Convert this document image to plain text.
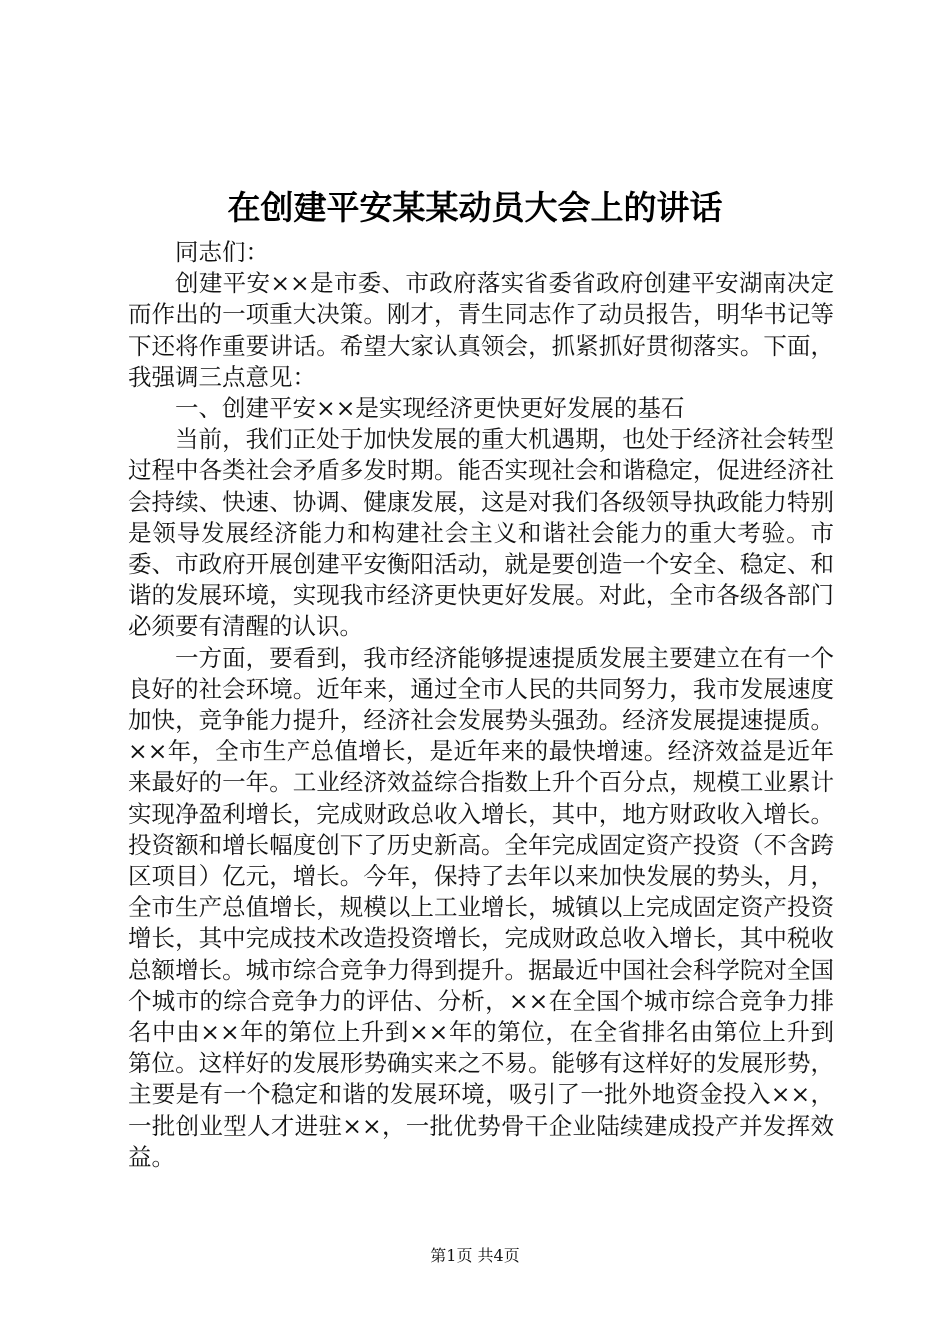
在创建平安某某动员大会上的讲话

同志们：

创建平安××是市委、市政府落实省委省政府创建平安湖南决定而作出的一项重大决策。刚才，青生同志作了动员报告，明华书记等下还将作重要讲话。希望大家认真领会，抓紧抓好贯彻落实。下面，我强调三点意见：

一、创建平安××是实现经济更快更好发展的基石

当前，我们正处于加快发展的重大机遇期，也处于经济社会转型过程中各类社会矛盾多发时期。能否实现社会和谐稳定，促进经济社会持续、快速、协调、健康发展，这是对我们各级领导执政能力特别是领导发展经济能力和构建社会主义和谐社会能力的重大考验。市委、市政府开展创建平安衡阳活动，就是要创造一个安全、稳定、和谐的发展环境，实现我市经济更快更好发展。对此，全市各级各部门必须要有清醒的认识。

一方面，要看到，我市经济能够提速提质发展主要建立在有一个良好的社会环境。近年来，通过全市人民的共同努力，我市发展速度加快，竞争能力提升，经济社会发展势头强劲。经济发展提速提质。××年，全市生产总值增长，是近年来的最快增速。经济效益是近年来最好的一年。工业经济效益综合指数上升个百分点，规模工业累计实现净盈利增长，完成财政总收入增长，其中，地方财政收入增长。投资额和增长幅度创下了历史新高。全年完成固定资产投资（不含跨区项目）亿元，增长。今年，保持了去年以来加快发展的势头，月，全市生产总值增长，规模以上工业增长，城镇以上完成固定资产投资增长，其中完成技术改造投资增长，完成财政总收入增长，其中税收总额增长。城市综合竞争力得到提升。据最近中国社会科学院对全国个城市的综合竞争力的评估、分析，××在全国个城市综合竞争力排名中由××年的第位上升到××年的第位，在全省排名由第位上升到第位。这样好的发展形势确实来之不易。能够有这样好的发展形势，主要是有一个稳定和谐的发展环境，吸引了一批外地资金投入××，一批创业型人才进驻××，一批优势骨干企业陆续建成投产并发挥效益。

第1页 共4页
